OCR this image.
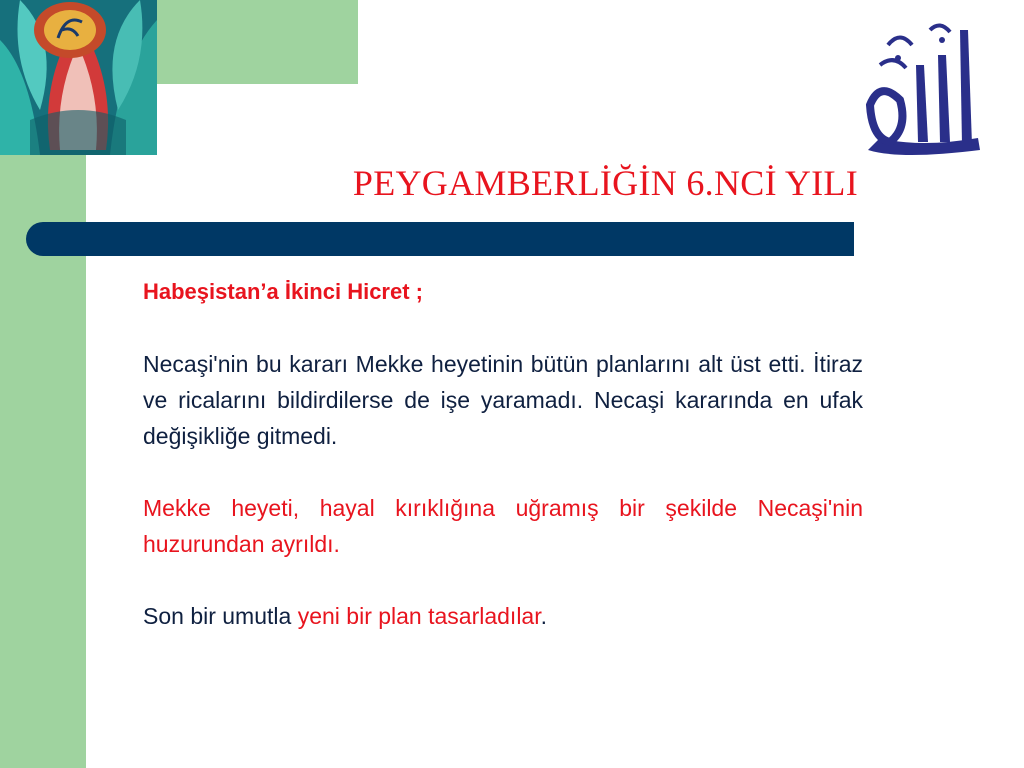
PEYGAMBERLİĞİN 6.NCİ YILI

Habeşistan’a İkinci Hicret ;

Necaşi'nin bu kararı Mekke heyetinin bütün planlarını alt üst etti. İtiraz ve ricalarını bildirdilerse de işe yaramadı. Necaşi kararında en ufak değişikliğe gitmedi.

Mekke heyeti, hayal kırıklığına uğramış bir şekilde Necaşi'nin huzurundan ayrıldı.

Son bir umutla yeni bir plan tasarladılar.
